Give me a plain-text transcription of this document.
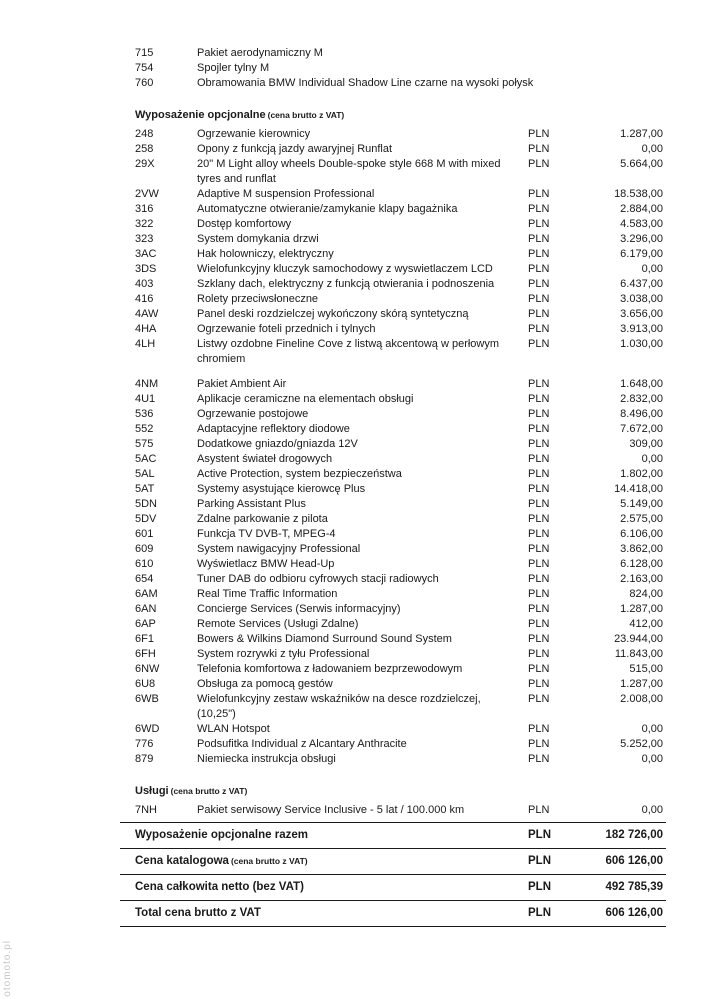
otomoto.pl
715	Pakiet aerodynamiczny M
754	Spojler tylny M
760	Obramowania BMW Individual Shadow Line czarne na wysoki połysk
Wyposażenie opcjonalne (cena brutto z VAT)
248	Ogrzewanie kierownicy	PLN	1.287,00
258	Opony z funkcją jazdy awaryjnej Runflat	PLN	0,00
29X	20" M Light alloy wheels Double-spoke style 668 M with mixed tyres and runflat
PLN	5.664,00
2VW	Adaptive M suspension Professional	PLN	18.538,00
316	Automatyczne otwieranie/zamykanie klapy bagażnika	PLN	2.884,00
322	Dostęp komfortowy	PLN	4.583,00
323	System domykania drzwi	PLN	3.296,00
3AC	Hak holowniczy, elektryczny	PLN	6.179,00
3DS	Wielofunkcyjny kluczyk samochodowy z wyswietlaczem LCD	PLN	0,00
403	Szklany dach, elektryczny z funkcją otwierania i podnoszenia	PLN	6.437,00
416	Rolety przeciwsłoneczne	PLN	3.038,00
4AW	Panel deski rozdzielczej wykończony skórą syntetyczną	PLN	3.656,00
4HA	Ogrzewanie foteli przednich i tylnych	PLN	3.913,00
4LH	Listwy ozdobne Fineline Cove z listwą akcentową w perłowym chromiem
PLN	1.030,00
4NM	Pakiet Ambient Air	PLN	1.648,00
4U1	Aplikacje ceramiczne na elementach obsługi	PLN	2.832,00
536	Ogrzewanie postojowe	PLN	8.496,00
552	Adaptacyjne reflektory diodowe	PLN	7.672,00
575	Dodatkowe gniazdo/gniazda 12V	PLN	309,00
5AC	Asystent świateł drogowych	PLN	0,00
5AL	Active Protection, system bezpieczeństwa	PLN	1.802,00
5AT	Systemy asystujące kierowcę Plus	PLN	14.418,00
5DN	Parking Assistant Plus	PLN	5.149,00
5DV	Zdalne parkowanie z pilota	PLN	2.575,00
601	Funkcja TV DVB-T, MPEG-4	PLN	6.106,00
609	System nawigacyjny Professional	PLN	3.862,00
610	Wyświetlacz BMW Head-Up	PLN	6.128,00
654	Tuner DAB do odbioru cyfrowych stacji radiowych	PLN	2.163,00
6AM	Real Time Traffic Information	PLN	824,00
6AN	Concierge Services (Serwis informacyjny)	PLN	1.287,00
6AP	Remote Services (Usługi Zdalne)	PLN	412,00
6F1	Bowers & Wilkins Diamond Surround Sound System	PLN	23.944,00
6FH	System rozrywki z tyłu Professional	PLN	11.843,00
6NW	Telefonia komfortowa z ładowaniem bezprzewodowym	PLN	515,00
6U8	Obsługa za pomocą gestów	PLN	1.287,00
6WB	Wielofunkcyjny zestaw wskaźników na desce rozdzielczej, (10,25")
PLN	2.008,00
6WD	WLAN Hotspot	PLN	0,00
776	Podsufitka Individual z Alcantary Anthracite	PLN	5.252,00
879	Niemiecka instrukcja obsługi	PLN	0,00
Usługi (cena brutto z VAT)
7NH	Pakiet serwisowy Service Inclusive - 5 lat / 100.000 km	PLN	0,00
Wyposażenie opcjonalne razem	PLN	182 726,00
Cena katalogowa (cena brutto z VAT)	PLN	606 126,00
Cena całkowita netto (bez VAT)	PLN	492 785,39
Total cena brutto z VAT	PLN	606 126,00
